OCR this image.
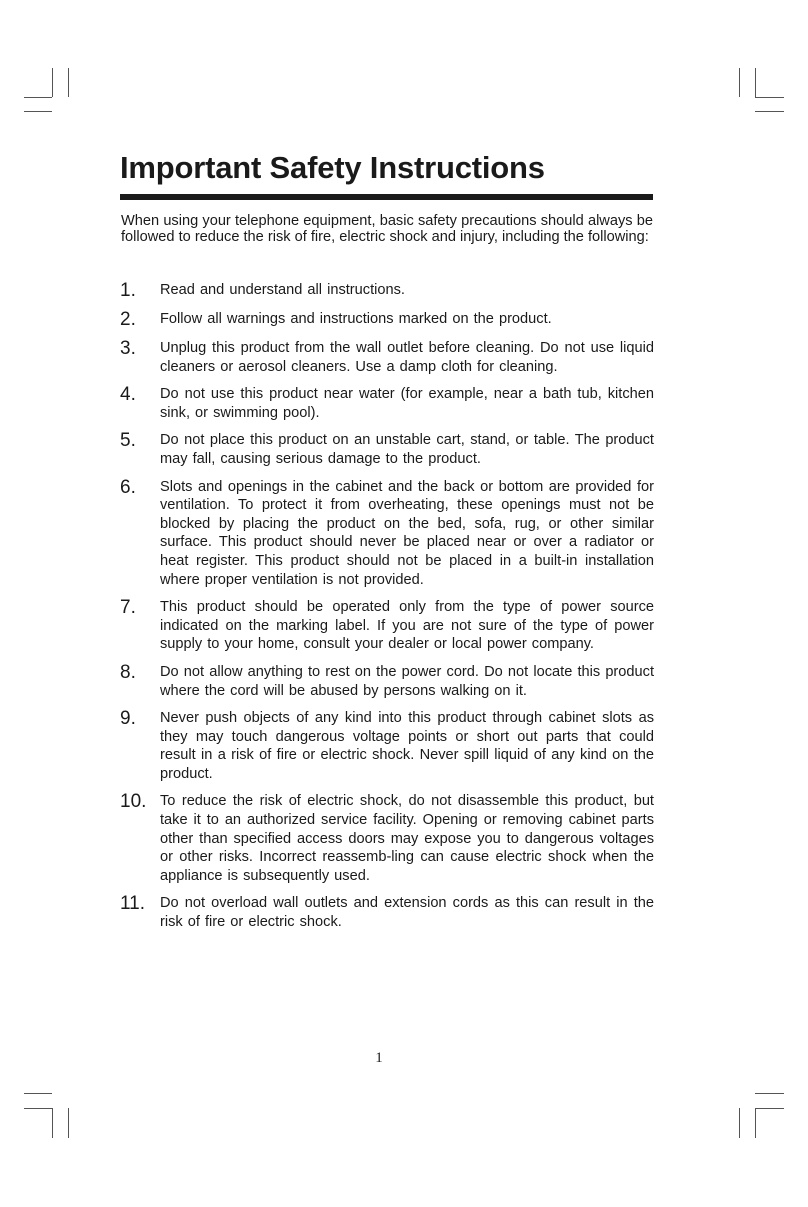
Important Safety Instructions

When using your telephone equipment, basic safety precautions should always be followed to reduce the risk of fire, electric shock and injury, including the following:

1.	Read and understand all instructions.
2.	Follow all warnings and instructions marked on the product.
3.	Unplug this product from the wall outlet before cleaning. Do not use liquid cleaners or aerosol cleaners. Use a damp cloth for cleaning.
4.	Do not use this product near water (for example, near a bath tub, kitchen sink, or swimming pool).
5.	Do not place this product on an unstable cart, stand, or table. The product may fall, causing serious damage to the product.
6.	Slots and openings in the cabinet and the back or bottom are provided for ventilation. To protect it from overheating, these openings must not be blocked by placing the product on the bed, sofa, rug, or other similar surface. This product should never be placed near or over a radiator or heat register. This product should not be placed in a built-in installation where proper ventilation is not provided.
7.	This product should be operated only from the type of power source indicated on the marking label. If you are not sure of the type of power supply to your home, consult your dealer or local power company.
8.	Do not allow anything to rest on the power cord. Do not locate this product where the cord will be abused by persons walking on it.
9.	Never push objects of any kind into this product through cabinet slots as they may touch dangerous voltage points or short out parts that could result in a risk of fire or electric shock. Never spill liquid of any kind on the product.
10. To reduce the risk of electric shock, do not disassemble this product, but take it to an authorized service facility. Opening or removing cabinet parts other than specified access doors may expose you to dangerous voltages or other risks. Incorrect reassemb-ling can cause electric shock when the appliance is subsequently used.
11.	Do not overload wall outlets and extension cords as this can result in the risk of fire or electric shock.
1
